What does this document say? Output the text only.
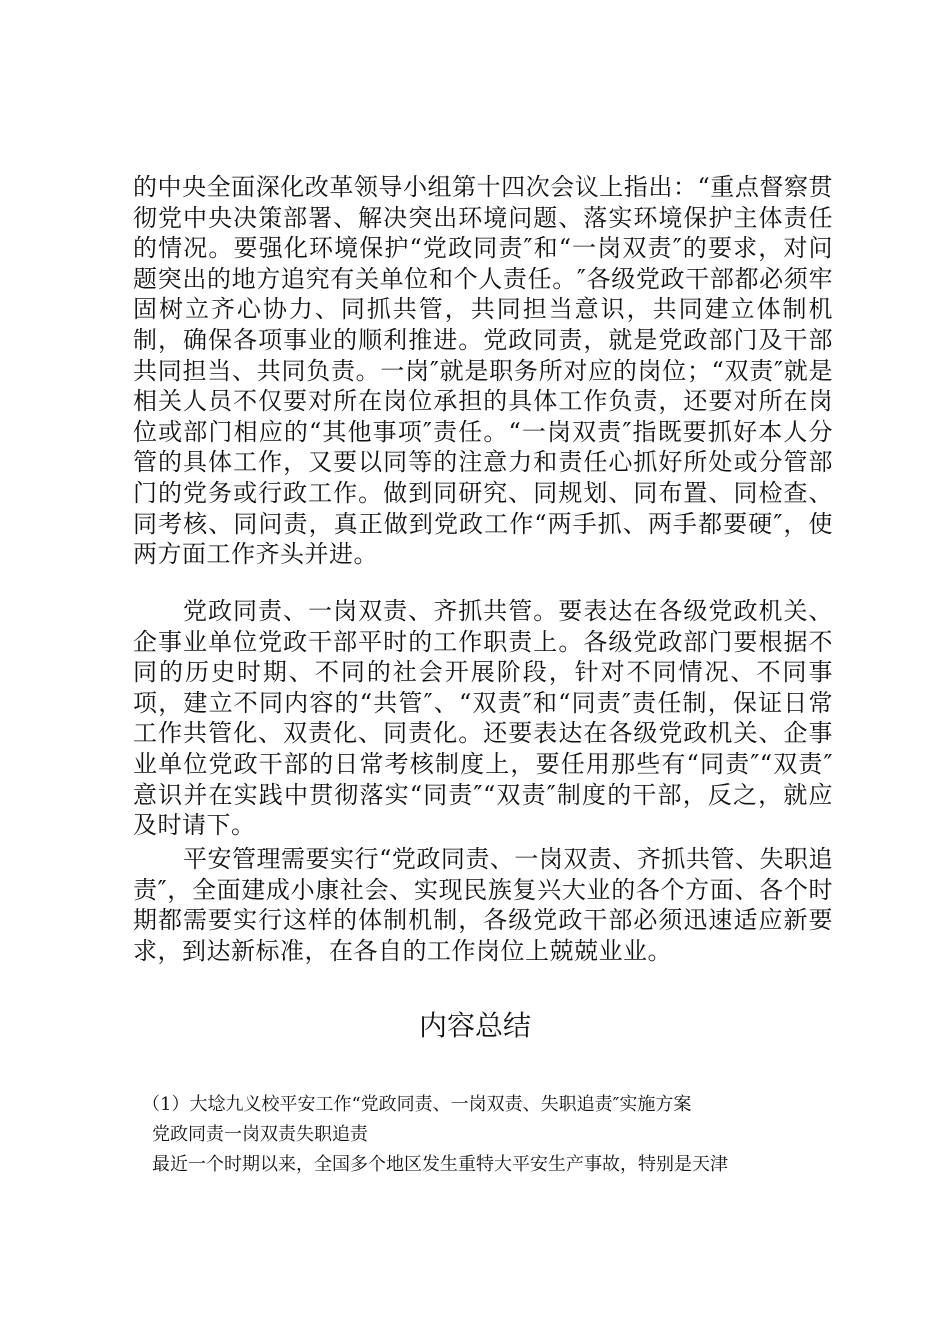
的中央全面深化改革领导小组第十四次会议上指出：“重点督察贯彻党中央决策部署、解决突出环境问题、落实环境保护主体责任的情况。要强化环境保护“党政同责″和“一岗双责″的要求，对问题突出的地方追究有关单位和个人责任。″各级党政干部都必须牢固树立齐心协力、同抓共管，共同担当意识，共同建立体制机制，确保各项事业的顺利推进。党政同责，就是党政部门及干部共同担当、共同负责。一岗″就是职务所对应的岗位；“双责″就是相关人员不仅要对所在岗位承担的具体工作负责，还要对所在岗位或部门相应的“其他事项″责任。“一岗双责″指既要抓好本人分管的具体工作，又要以同等的注意力和责任心抓好所处或分管部门的党务或行政工作。做到同研究、同规划、同布置、同检查、同考核、同问责，真正做到党政工作“两手抓、两手都要硬″，使两方面工作齐头并进。

党政同责、一岗双责、齐抓共管。要表达在各级党政机关、企事业单位党政干部平时的工作职责上。各级党政部门要根据不同的历史时期、不同的社会开展阶段，针对不同情况、不同事项，建立不同内容的“共管″、“双责″和“同责″责任制，保证日常工作共管化、双责化、同责化。还要表达在各级党政机关、企事业单位党政干部的日常考核制度上，要任用那些有“同责″“双责″意识并在实践中贯彻落实“同责″“双责″制度的干部，反之，就应及时请下。

平安管理需要实行“党政同责、一岗双责、齐抓共管、失职追责″，全面建成小康社会、实现民族复兴大业的各个方面、各个时期都需要实行这样的体制机制，各级党政干部必须迅速适应新要求，到达新标准，在各自的工作岗位上兢兢业业。

内容总结

（1）大埝九义校平安工作“党政同责、一岗双责、失职追责″实施方案

党政同责一岗双责失职追责

最近一个时期以来，全国多个地区发生重特大平安生产事故，特别是天津
